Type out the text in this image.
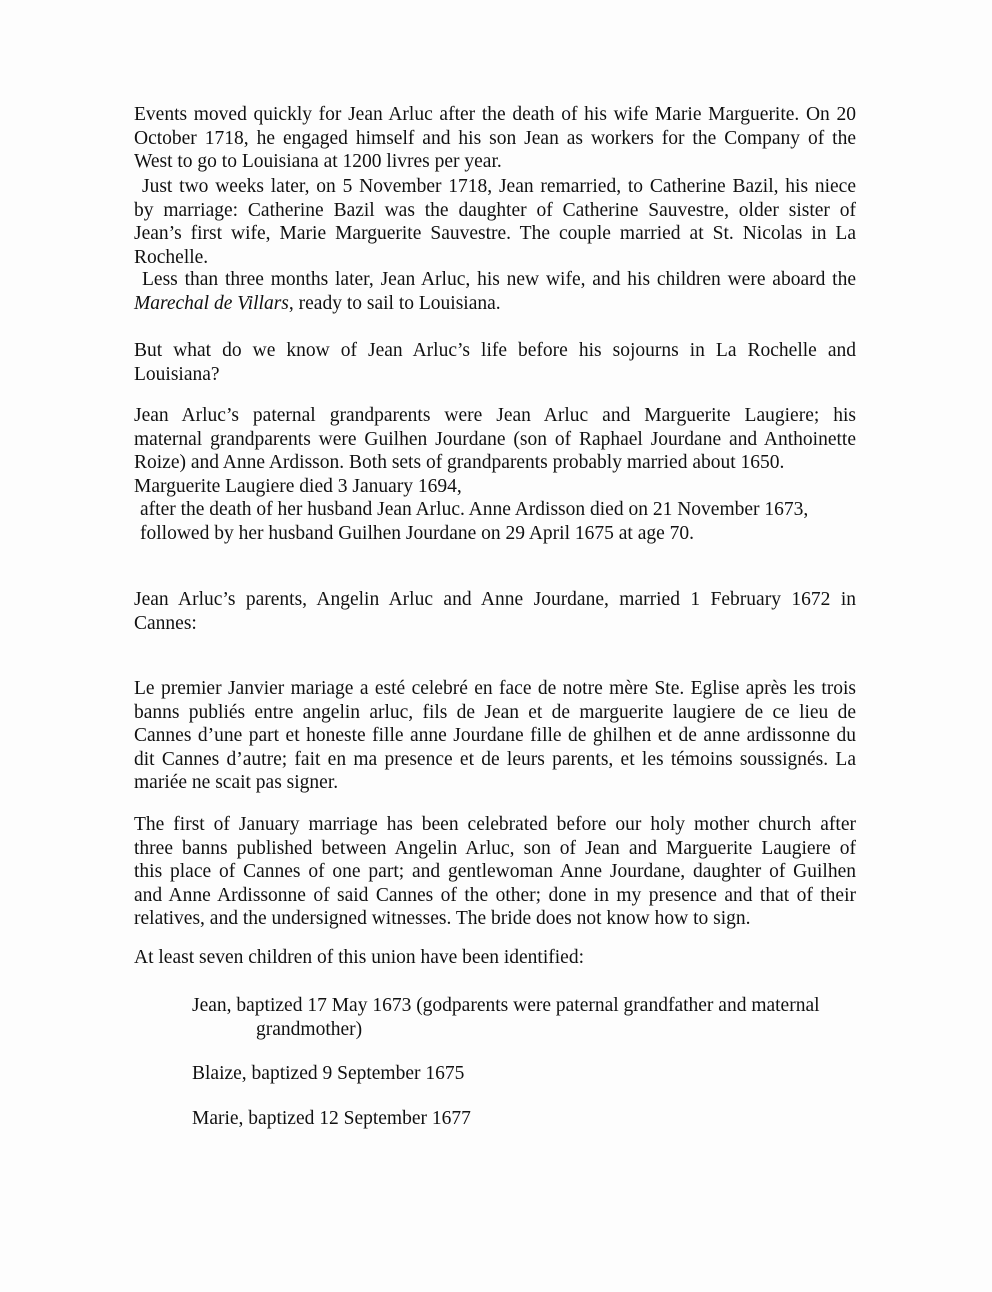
Events moved quickly for Jean Arluc after the death of his wife Marie Marguerite. On 20
October 1718, he engaged himself and his son Jean as workers for the Company of the
West to go to Louisiana at 1200 livres per year.
Just two weeks later, on 5 November 1718, Jean remarried, to Catherine Bazil, his niece
by marriage: Catherine Bazil was the daughter of Catherine Sauvestre, older sister of
Jean’s first wife, Marie Marguerite Sauvestre. The couple married at St. Nicolas in La
Rochelle.
Less than three months later, Jean Arluc, his new wife, and his children were aboard the
Marechal de Villars, ready to sail to Louisiana.
But what do we know of Jean Arluc’s life before his sojourns in La Rochelle and
Louisiana?
Jean Arluc’s paternal grandparents were Jean Arluc and Marguerite Laugiere; his
maternal grandparents were Guilhen Jourdane (son of Raphael Jourdane and Anthoinette
Roize) and Anne Ardisson. Both sets of grandparents probably married about 1650.
Marguerite Laugiere died 3 January 1694,
after the death of her husband Jean Arluc. Anne Ardisson died on 21 November 1673,
followed by her husband Guilhen Jourdane on 29 April 1675 at age 70.
Jean Arluc’s parents, Angelin Arluc and Anne Jourdane, married 1 February 1672 in
Cannes:
Le premier Janvier mariage a esté celebré en face de notre mère Ste. Eglise après les trois
banns publiés entre angelin arluc, fils de Jean et de marguerite laugiere de ce lieu de
Cannes d’une part et honeste fille anne Jourdane fille de ghilhen et de anne ardissonne du
dit Cannes d’autre; fait en ma presence et de leurs parents, et les témoins soussignés. La
mariée ne scait pas signer.
The first of January marriage has been celebrated before our holy mother church after
three banns published between Angelin Arluc, son of Jean and Marguerite Laugiere of
this place of Cannes of one part; and gentlewoman Anne Jourdane, daughter of Guilhen
and Anne Ardissonne of said Cannes of the other; done in my presence and that of their
relatives, and the undersigned witnesses. The bride does not know how to sign.
At least seven children of this union have been identified:
Jean, baptized 17 May 1673 (godparents were paternal grandfather and maternal
grandmother)
Blaize, baptized 9 September 1675
Marie, baptized 12 September 1677
